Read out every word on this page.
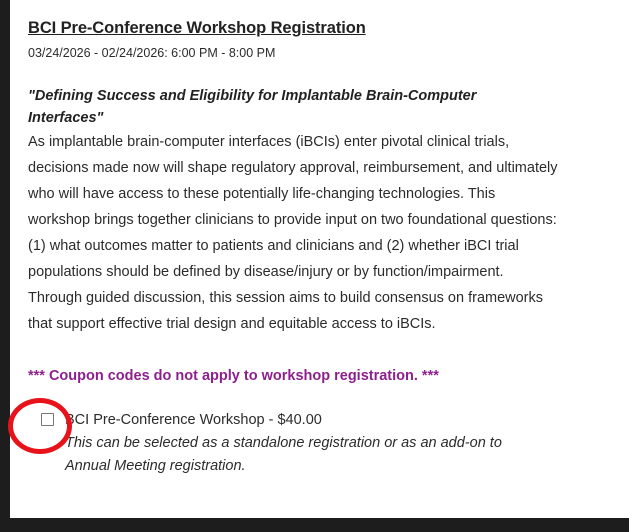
BCI Pre-Conference Workshop Registration
03/24/2026 - 02/24/2026: 6:00 PM - 8:00 PM
"Defining Success and Eligibility for Implantable Brain-Computer Interfaces"

As implantable brain-computer interfaces (iBCIs) enter pivotal clinical trials, decisions made now will shape regulatory approval, reimbursement, and ultimately who will have access to these potentially life-changing technologies. This workshop brings together clinicians to provide input on two foundational questions: (1) what outcomes matter to patients and clinicians and (2) whether iBCI trial populations should be defined by disease/injury or by function/impairment. Through guided discussion, this session aims to build consensus on frameworks that support effective trial design and equitable access to iBCIs.

*** Coupon codes do not apply to workshop registration. ***
BCI Pre-Conference Workshop - $40.00
This can be selected as a standalone registration or as an add-on to Annual Meeting registration.
